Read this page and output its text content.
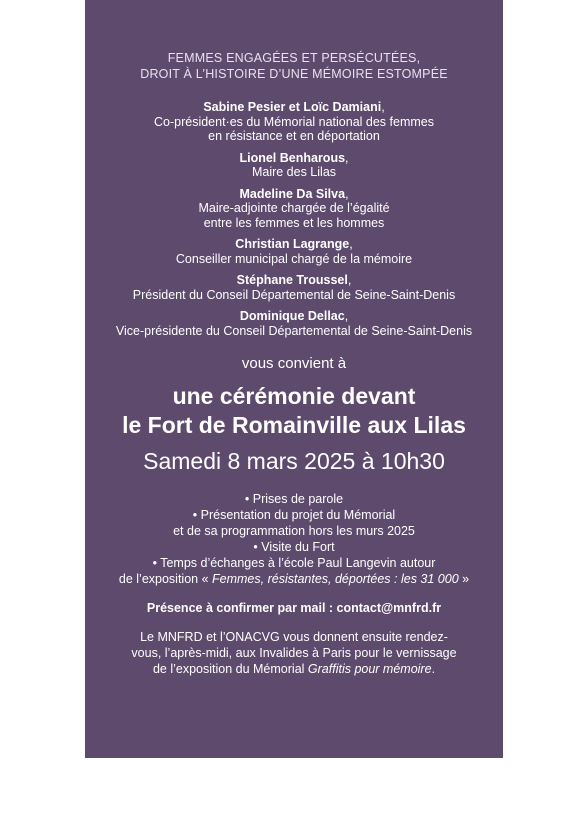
FEMMES ENGAGÉES ET PERSÉCUTÉES,
DROIT À L’HISTOIRE D’UNE MÉMOIRE ESTOMPÉE
Sabine Pesier et Loïc Damiani,
Co-président·es du Mémorial national des femmes
en résistance et en déportation
Lionel Benharous,
Maire des Lilas
Madeline Da Silva,
Maire-adjointe chargée de l’égalité
entre les femmes et les hommes
Christian Lagrange,
Conseiller municipal chargé de la mémoire
Stéphane Troussel,
Président du Conseil Départemental de Seine-Saint-Denis
Dominique Dellac,
Vice-présidente du Conseil Départemental de Seine-Saint-Denis
vous convient à
une cérémonie devant
le Fort de Romainville aux Lilas
Samedi 8 mars 2025 à 10h30
• Prises de parole
• Présentation du projet du Mémorial
et de sa programmation hors les murs 2025
• Visite du Fort
• Temps d’échanges à l’école Paul Langevin autour
de l’exposition « Femmes, résistantes, déportées : les 31 000 »
Présence à confirmer par mail : contact@mnfrd.fr
Le MNFRD et l’ONACVG vous donnent ensuite rendez-
vous, l’après-midi, aux Invalides à Paris pour le vernissage
de l’exposition du Mémorial Graffitis pour mémoire.
